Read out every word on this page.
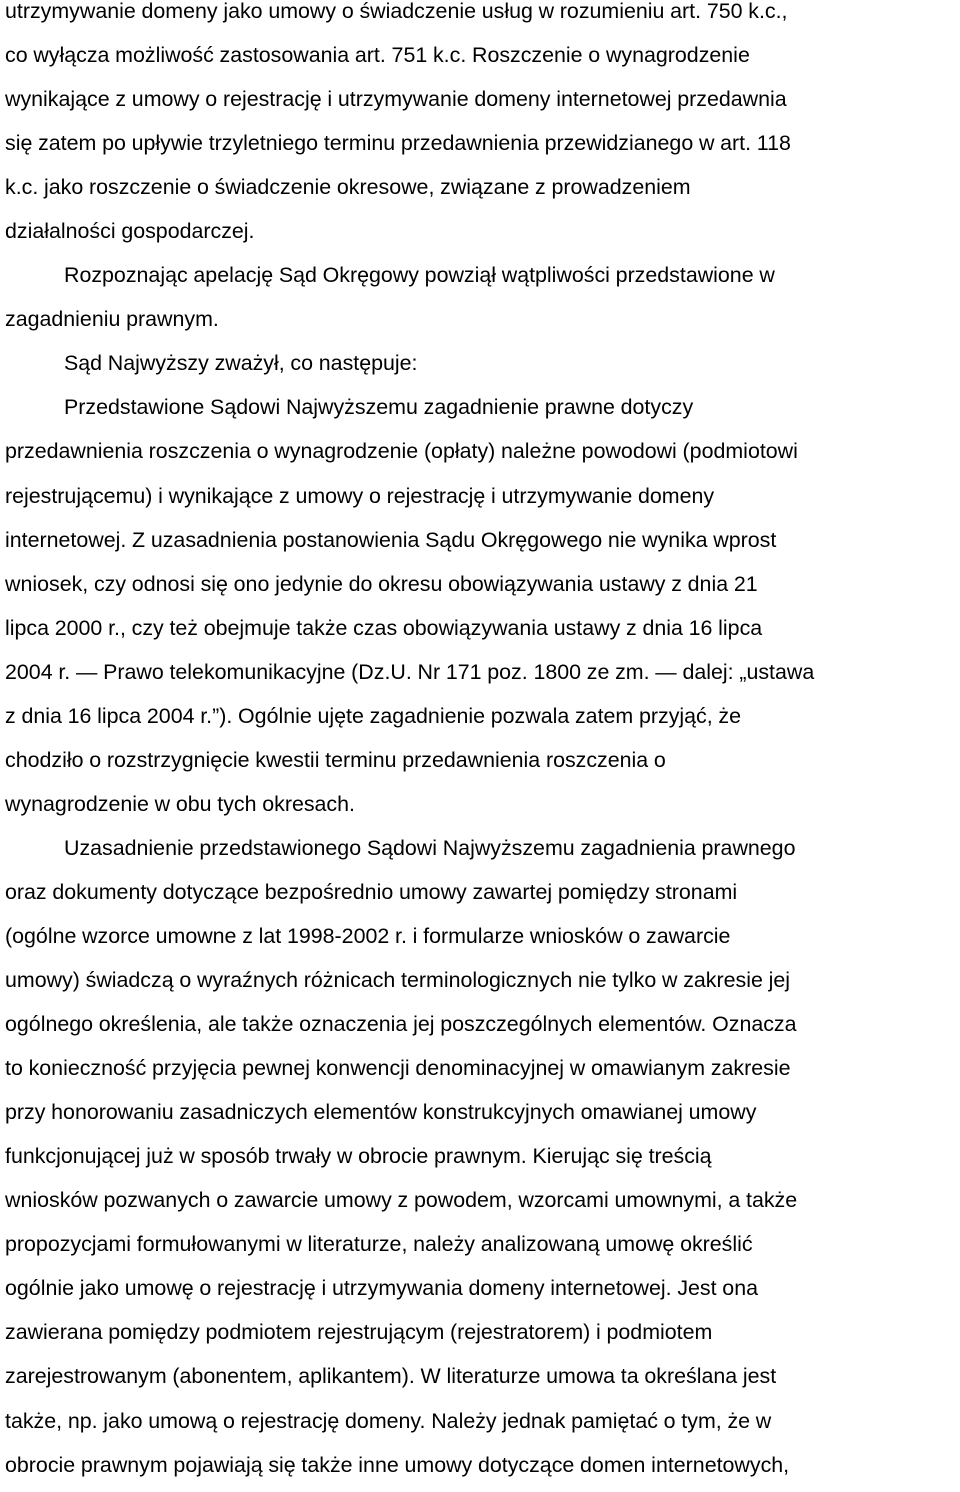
utrzymywanie domeny jako umowy o świadczenie usług w rozumieniu art. 750 k.c.,
co wyłącza możliwość zastosowania art. 751 k.c. Roszczenie o wynagrodzenie
wynikające z umowy o rejestrację i utrzymywanie domeny internetowej przedawnia
się zatem po upływie trzyletniego terminu przedawnienia przewidzianego w art. 118
k.c. jako roszczenie o świadczenie okresowe, związane z prowadzeniem
działalności gospodarczej.
Rozpoznając apelację Sąd Okręgowy powziął wątpliwości przedstawione w
zagadnieniu prawnym.
Sąd Najwyższy zważył, co następuje:
Przedstawione Sądowi Najwyższemu zagadnienie prawne dotyczy
przedawnienia roszczenia o wynagrodzenie (opłaty) należne powodowi (podmiotowi
rejestrującemu) i wynikające z umowy o rejestrację i utrzymywanie domeny
internetowej. Z uzasadnienia postanowienia Sądu Okręgowego nie wynika wprost
wniosek, czy odnosi się ono jedynie do okresu obowiązywania ustawy z dnia 21
lipca 2000 r., czy też obejmuje także czas obowiązywania ustawy z dnia 16 lipca
2004 r. — Prawo telekomunikacyjne (Dz.U. Nr 171 poz. 1800 ze zm. — dalej: „ustawa
z dnia 16 lipca 2004 r.”). Ogólnie ujęte zagadnienie pozwala zatem przyjąć, że
chodziło o rozstrzygnięcie kwestii terminu przedawnienia roszczenia o
wynagrodzenie w obu tych okresach.
Uzasadnienie przedstawionego Sądowi Najwyższemu zagadnienia prawnego
oraz dokumenty dotyczące bezpośrednio umowy zawartej pomiędzy stronami
(ogólne wzorce umowne z lat 1998-2002 r. i formularze wniosków o zawarcie
umowy) świadczą o wyraźnych różnicach terminologicznych nie tylko w zakresie jej
ogólnego określenia, ale także oznaczenia jej poszczególnych elementów. Oznacza
to konieczność przyjęcia pewnej konwencji denominacyjnej w omawianym zakresie
przy honorowaniu zasadniczych elementów konstrukcyjnych omawianej umowy
funkcjonującej już w sposób trwały w obrocie prawnym. Kierując się treścią
wniosków pozwanych o zawarcie umowy z powodem, wzorcami umownymi, a także
propozycjami formułowanymi w literaturze, należy analizowaną umowę określić
ogólnie jako umowę o rejestrację i utrzymywania domeny internetowej. Jest ona
zawierana pomiędzy podmiotem rejestrującym (rejestratorem) i podmiotem
zarejestrowanym (abonentem, aplikantem). W literaturze umowa ta określana jest
także, np. jako umową o rejestrację domeny. Należy jednak pamiętać o tym, że w
obrocie prawnym pojawiają się także inne umowy dotyczące domen internetowych,
